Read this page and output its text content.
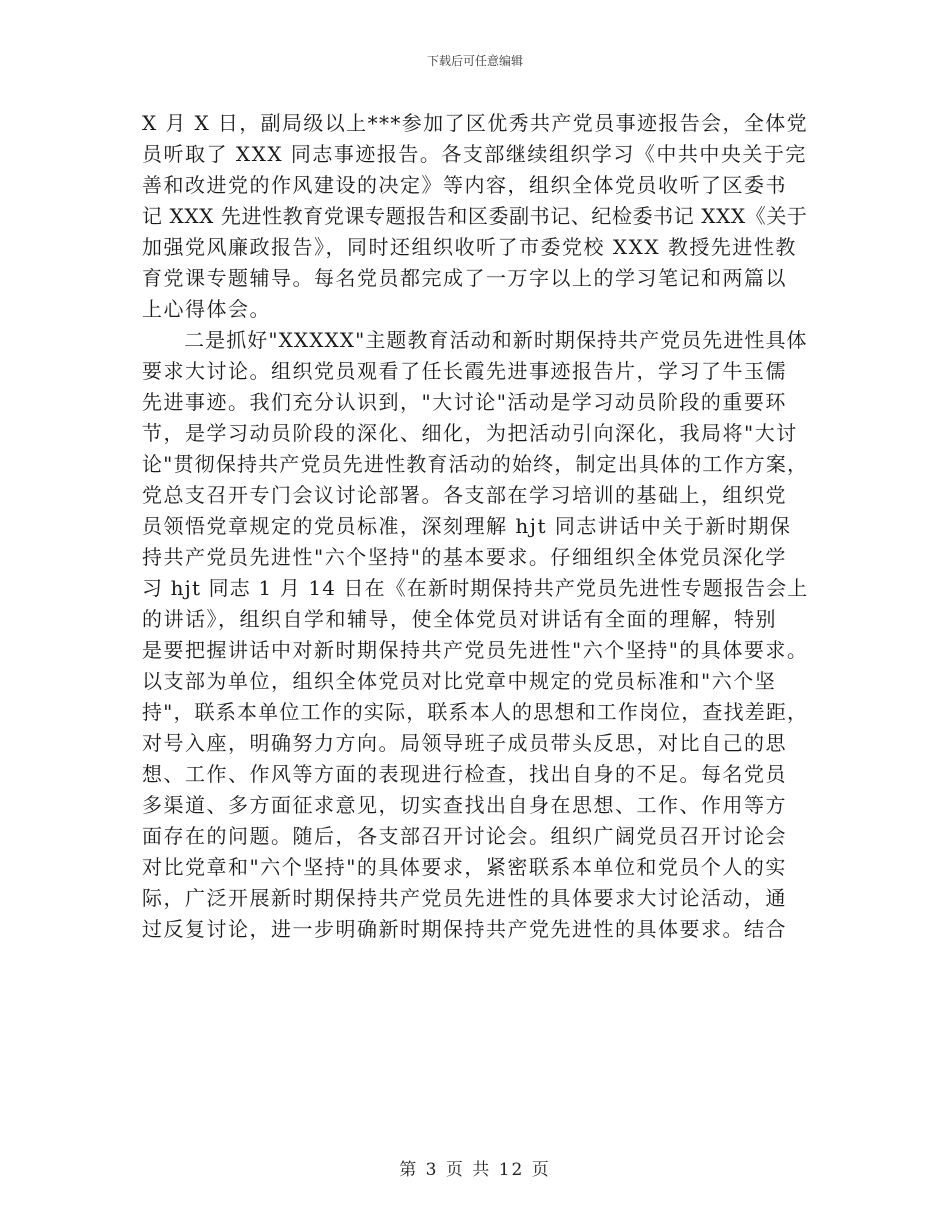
下载后可任意编辑
X 月 X 日，副局级以上***参加了区优秀共产党员事迹报告会，全体党
员听取了 XXX 同志事迹报告。各支部继续组织学习《中共中央关于完
善和改进党的作风建设的决定》等内容，组织全体党员收听了区委书
记 XXX 先进性教育党课专题报告和区委副书记、纪检委书记 XXX《关于
加强党风廉政报告》，同时还组织收听了市委党校 XXX 教授先进性教
育党课专题辅导。每名党员都完成了一万字以上的学习笔记和两篇以
上心得体会。
　　二是抓好"XXXXX"主题教育活动和新时期保持共产党员先进性具体
要求大讨论。组织党员观看了任长霞先进事迹报告片，学习了牛玉儒
先进事迹。我们充分认识到，"大讨论"活动是学习动员阶段的重要环
节，是学习动员阶段的深化、细化，为把活动引向深化，我局将"大讨
论"贯彻保持共产党员先进性教育活动的始终，制定出具体的工作方案，
党总支召开专门会议讨论部署。各支部在学习培训的基础上，组织党
员领悟党章规定的党员标准，深刻理解 hjt 同志讲话中关于新时期保
持共产党员先进性"六个坚持"的基本要求。仔细组织全体党员深化学
习 hjt 同志 1 月 14 日在《在新时期保持共产党员先进性专题报告会上
的讲话》，组织自学和辅导，使全体党员对讲话有全面的理解，特别
是要把握讲话中对新时期保持共产党员先进性"六个坚持"的具体要求。
以支部为单位，组织全体党员对比党章中规定的党员标准和"六个坚
持"，联系本单位工作的实际，联系本人的思想和工作岗位，查找差距，
对号入座，明确努力方向。局领导班子成员带头反思，对比自己的思
想、工作、作风等方面的表现进行检查，找出自身的不足。每名党员
多渠道、多方面征求意见，切实查找出自身在思想、工作、作用等方
面存在的问题。随后，各支部召开讨论会。组织广阔党员召开讨论会
对比党章和"六个坚持"的具体要求，紧密联系本单位和党员个人的实
际，广泛开展新时期保持共产党员先进性的具体要求大讨论活动，通
过反复讨论，进一步明确新时期保持共产党先进性的具体要求。结合
第 3 页 共 12 页
